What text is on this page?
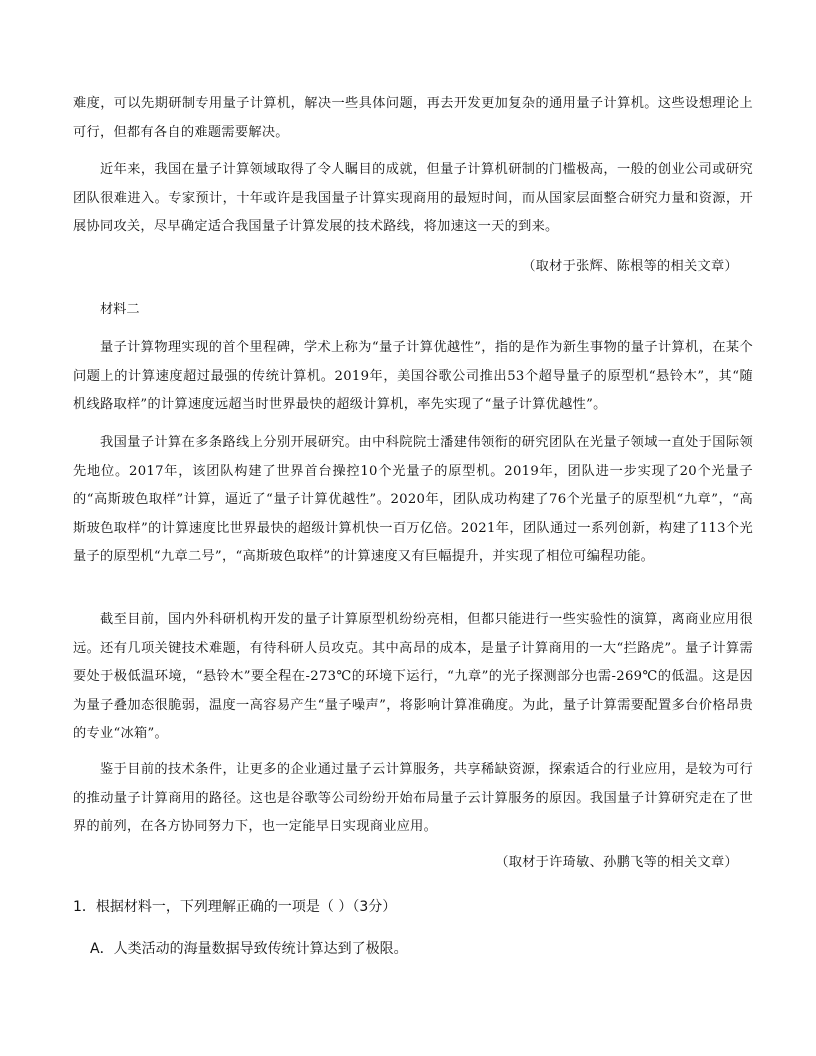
难度，可以先期研制专用量子计算机，解决一些具体问题，再去开发更加复杂的通用量子计算机。这些设想理论上可行，但都有各自的难题需要解决。
近年来，我国在量子计算领域取得了令人瞩目的成就，但量子计算机研制的门槛极高，一般的创业公司或研究团队很难进入。专家预计，十年或许是我国量子计算实现商用的最短时间，而从国家层面整合研究力量和资源，开展协同攻关，尽早确定适合我国量子计算发展的技术路线，将加速这一天的到来。
（取材于张辉、陈根等的相关文章）
材料二
量子计算物理实现的首个里程碑，学术上称为“量子计算优越性”，指的是作为新生事物的量子计算机，在某个问题上的计算速度超过最强的传统计算机。2019年，美国谷歌公司推出53个超导量子的原型机“悬铃木”，其“随机线路取样”的计算速度远超当时世界最快的超级计算机，率先实现了“量子计算优越性”。
我国量子计算在多条路线上分别开展研究。由中科院院士潘建伟领衔的研究团队在光量子领域一直处于国际领先地位。2017年，该团队构建了世界首台操控10个光量子的原型机。2019年，团队进一步实现了20个光量子的“高斯玻色取样”计算，逼近了“量子计算优越性”。2020年，团队成功构建了76个光量子的原型机“九章”，“高斯玻色取样”的计算速度比世界最快的超级计算机快一百万亿倍。2021年，团队通过一系列创新，构建了113个光量子的原型机“九章二号”，“高斯玻色取样”的计算速度又有巨幅提升，并实现了相位可编程功能。
截至目前，国内外科研机构开发的量子计算原型机纷纷亮相，但都只能进行一些实验性的演算，离商业应用很远。还有几项关键技术难题，有待科研人员攻克。其中高昂的成本，是量子计算商用的一大“拦路虎”。量子计算需要处于极低温环境，“悬铃木”要全程在-273℃的环境下运行，“九章”的光子探测部分也需-269℃的低温。这是因为量子叠加态很脆弱，温度一高容易产生“量子噪声”，将影响计算准确度。为此，量子计算需要配置多台价格昂贵的专业“冰箱”。
鉴于目前的技术条件，让更多的企业通过量子云计算服务，共享稀缺资源，探索适合的行业应用，是较为可行的推动量子计算商用的路径。这也是谷歌等公司纷纷开始布局量子云计算服务的原因。我国量子计算研究走在了世界的前列，在各方协同努力下，也一定能早日实现商业应用。
（取材于许琦敏、孙鹏飞等的相关文章）
1．根据材料一，下列理解正确的一项是（ ）（3分）
A．人类活动的海量数据导致传统计算达到了极限。
